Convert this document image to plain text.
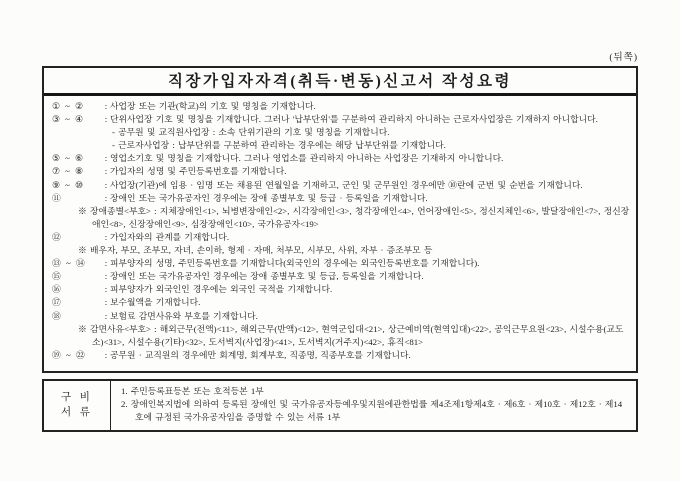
(뒤쪽)
직장가입자자격(취득·변동)신고서 작성요령
① ~ ②	: 사업장 또는 기관(학교)의 기호 및 명칭을 기재합니다.
③ ~ ④	: 단위사업장 기호 및 명칭을 기재합니다. 그러나 '납부단위'를 구분하여 관리하지 아니하는 근로자사업장은 기재하지 아니합니다.
- 공무원 및 교직원사업장 : 소속 단위기관의 기호 및 명칭을 기재합니다.
- 근로자사업장 : 납부단위를 구분하여 관리하는 경우에는 해당 납부단위를 기재합니다.
⑤ ~ ⑥	: 영업소기호 및 명칭을 기재합니다. 그러나 영업소를 관리하지 아니하는 사업장은 기재하지 아니합니다.
⑦ ~ ⑧	: 가입자의 성명 및 주민등록번호를 기재합니다.
⑨ ~ ⑩	: 사업장(기관)에 임용 · 임명 또는 채용된 연월일을 기재하고, 군인 및 군무원인 경우에만 ⑩란에 군번 및 순번을 기재합니다.
⑪	: 장애인 또는 국가유공자인 경우에는 장애 종별부호 및 등급 · 등록일을 기재합니다.
※ 장애종별<부호> : 지체장애인<1>, 뇌병변장애인<2>, 시각장애인<3>, 청각장애인<4>, 언어장애인<5>, 정신지체인<6>, 발달장애인<7>, 정신장애인<8>, 신장장애인<9>, 심장장애인<10>, 국가유공자<19>
⑫	: 가입자와의 관계를 기재합니다.
※ 배우자, 부모, 조부모, 자녀, 손이하, 형제 · 자매, 처부모, 시부모, 사위, 자부 · 증조부모 등
⑬ ~ ⑭	: 피부양자의 성명, 주민등록번호를 기재합니다(외국인의 경우에는 외국인등록번호를 기재합니다).
⑮	: 장애인 또는 국가유공자인 경우에는 장애 종별부호 및 등급, 등록일을 기재합니다.
⑯	: 피부양자가 외국인인 경우에는 외국인 국적을 기재합니다.
⑰	: 보수월액을 기재합니다.
⑱	: 보험료 감면사유와 부호를 기재합니다.
※ 감면사유<부호> : 해외근무(전액)<11>, 해외근무(반액)<12>, 현역군입대<21>, 상근예비역(현역입대)<22>, 공익근무요원<23>, 시설수용(교도소)<31>, 시설수용(기타)<32>, 도서벽지(사업장)<41>, 도서벽지(거주지)<42>, 휴직<81>
⑲ ~ ㉒	: 공무원 · 교직원의 경우에만 회계명, 회계부호, 직종명, 직종부호를 기재합니다.
구 비
서 류
1. 주민등록표등본 또는 호적등본 1부
2. 장애인복지법에 의하여 등록된 장애인 및 국가유공자등예우및지원에관한법률 제4조제1항제4호 · 제6호 · 제10호 · 제12호 · 제14호에 규정된 국가유공자임을 증명할 수 있는 서류 1부
